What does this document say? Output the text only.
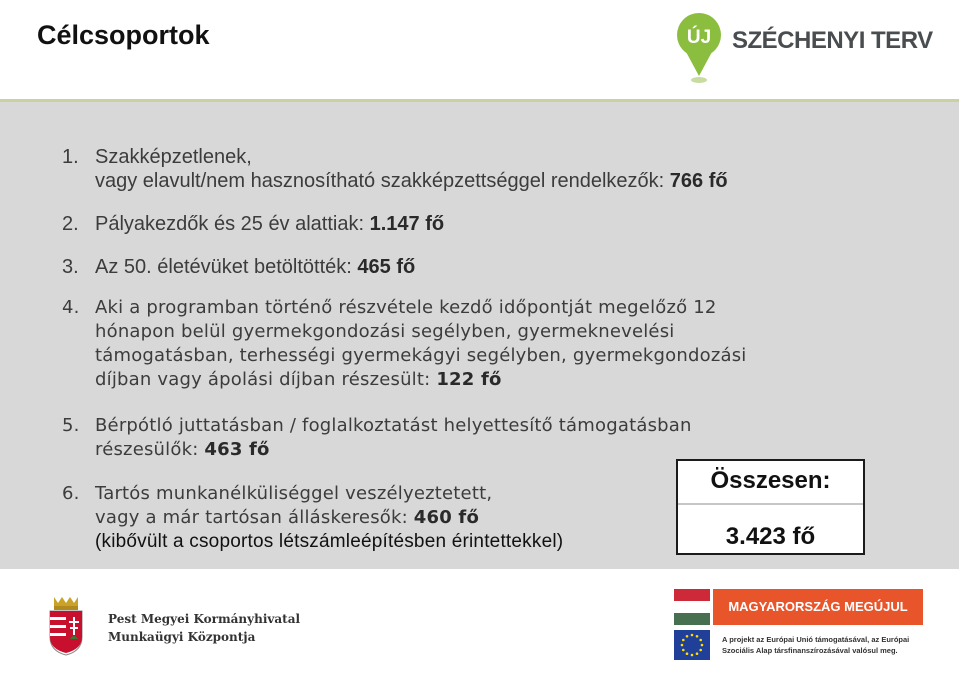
Célcsoportok	ÚJ SZÉCHENYI TERV
1. Szakképzetlenek,
vagy elavult/nem hasznosítható szakképzettséggel rendelkezők: 766 fő
2. Pályakezdők és 25 év alattiak: 1.147 fő
3. Az 50. életévüket betöltötték: 465 fő
4. Aki a programban történő részvétele kezdő időpontját megelőző 12
hónapon belül gyermekgondozási segélyben, gyermeknevelési
támogatásban, terhességi gyermekágyi segélyben, gyermekgondozási
díjban vagy ápolási díjban részesült: 122 fő
5. Bérpótló juttatásban / foglalkoztatást helyettesítő támogatásban
részesülők: 463 fő
6. Tartós munkanélküliséggel veszélyeztetett,
vagy a már tartósan álláskeresők: 460 fő
(kibővült a csoportos létszámleépítésben érintettekkel)
Összesen:
3.423 fő
Pest Megyei Kormányhivatal
Munkaügyi Központja
MAGYARORSZÁG MEGÚJUL
A projekt az Európai Unió támogatásával, az Európai Szociális Alap társfinanszírozásával valósul meg.
